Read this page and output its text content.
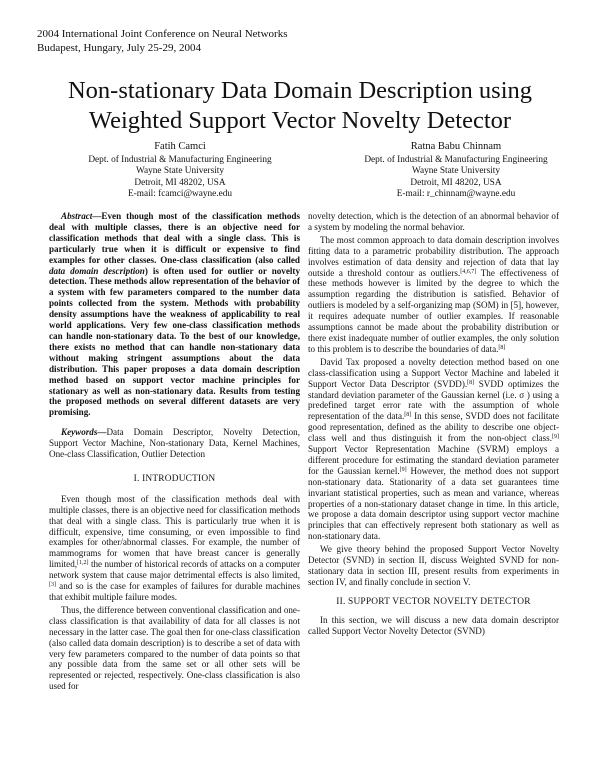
2004 International Joint Conference on Neural Networks
Budapest, Hungary, July 25-29, 2004
Non-stationary Data Domain Description using
Weighted Support Vector Novelty Detector
Fatih Camci
Dept. of Industrial & Manufacturing Engineering
Wayne State University
Detroit, MI 48202, USA
E-mail: fcamci@wayne.edu
Ratna Babu Chinnam
Dept. of Industrial & Manufacturing Engineering
Wayne State University
Detroit, MI 48202, USA
E-mail: r_chinnam@wayne.edu

Abstract—Even though most of the classification methods deal with multiple classes, there is an objective need for classification methods that deal with a single class. This is particularly true when it is difficult or expensive to find examples for other classes. One-class classification (also called data domain description) is often used for outlier or novelty detection. These methods allow representation of the behavior of a system with few parameters compared to the number data points collected from the system. Methods with probability density assumptions have the weakness of applicability to real world applications. Very few one-class classification methods can handle non-stationary data. To the best of our knowledge, there exists no method that can handle non-stationary data without making stringent assumptions about the data distribution. This paper proposes a data domain description method based on support vector machine principles for stationary as well as non-stationary data. Results from testing the proposed methods on several different datasets are very promising.

Keywords—Data Domain Descriptor, Novelty Detection, Support Vector Machine, Non-stationary Data, Kernel Machines, One-class Classification, Outlier Detection

I. INTRODUCTION

Even though most of the classification methods deal with multiple classes, there is an objective need for classification methods that deal with a single class. This is particularly true when it is difficult, expensive, time consuming, or even impossible to find examples for other/abnormal classes. For example, the number of mammograms for women that have breast cancer is generally limited,[1,2] the number of historical records of attacks on a computer network system that cause major detrimental effects is also limited,[3] and so is the case for examples of failures for durable machines that exhibit multiple failure modes.

Thus, the difference between conventional classification and one-class classification is that availability of data for all classes is not necessary in the latter case. The goal then for one-class classification (also called data domain description) is to describe a set of data with very few parameters compared to the number of data points so that any possible data from the same set or all other sets will be represented or rejected, respectively. One-class classification is also used for

novelty detection, which is the detection of an abnormal behavior of a system by modeling the normal behavior.

The most common approach to data domain description involves fitting data to a parametric probability distribution. The approach involves estimation of data density and rejection of data that lay outside a threshold contour as outliers.[4,6,7] The effectiveness of these methods however is limited by the degree to which the assumption regarding the distribution is satisfied. Behavior of outliers is modeled by a self-organizing map (SOM) in [5], however, it requires adequate number of outlier examples. If reasonable assumptions cannot be made about the probability distribution or there exist inadequate number of outlier examples, the only solution to this problem is to describe the boundaries of data.[8]

David Tax proposed a novelty detection method based on one class-classification using a Support Vector Machine and labeled it Support Vector Data Descriptor (SVDD).[8] SVDD optimizes the standard deviation parameter of the Gaussian kernel (i.e. σ ) using a predefined target error rate with the assumption of whole representation of the data.[8] In this sense, SVDD does not facilitate good representation, defined as the ability to describe one object-class well and thus distinguish it from the non-object class.[9] Support Vector Representation Machine (SVRM) employs a different procedure for estimating the standard deviation parameter for the Gaussian kernel.[9] However, the method does not support non-stationary data. Stationarity of a data set guarantees time invariant statistical properties, such as mean and variance, whereas properties of a non-stationary dataset change in time. In this article, we propose a data domain descriptor using support vector machine principles that can effectively represent both stationary as well as non-stationary data.

We give theory behind the proposed Support Vector Novelty Detector (SVND) in section II, discuss Weighted SVND for non-stationary data in section III, present results from experiments in section IV, and finally conclude in section V.

II. SUPPORT VECTOR NOVELTY DETECTOR

In this section, we will discuss a new data domain descriptor called Support Vector Novelty Detector (SVND)
